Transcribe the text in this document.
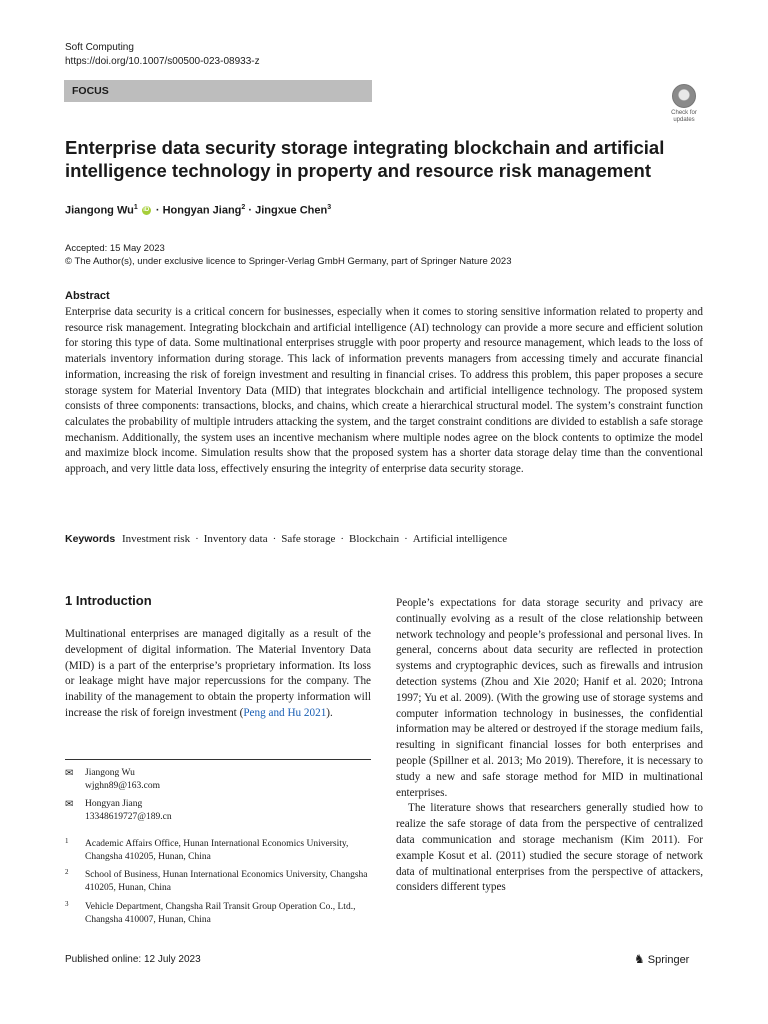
Soft Computing
https://doi.org/10.1007/s00500-023-08933-z
FOCUS
Check for
updates
Enterprise data security storage integrating blockchain and artificial intelligence technology in property and resource risk management
Jiangong Wu$^1$ iD · Hongyan Jiang$^2$ · Jingxue Chen$^3$
Accepted: 15 May 2023
© The Author(s), under exclusive licence to Springer-Verlag GmbH Germany, part of Springer Nature 2023
Abstract
Enterprise data security is a critical concern for businesses, especially when it comes to storing sensitive information related to property and resource risk management. Integrating blockchain and artificial intelligence (AI) technology can provide a more secure and efficient solution for storing this type of data. Some multinational enterprises struggle with poor property and resource management, which leads to the loss of materials inventory information during storage. This lack of information prevents managers from accessing timely and accurate financial information, increasing the risk of foreign investment and resulting in financial crises. To address this problem, this paper proposes a secure storage system for Material Inventory Data (MID) that integrates blockchain and artificial intelligence technology. The proposed system consists of three components: transactions, blocks, and chains, which create a hierarchical structural model. The system’s constraint function calculates the probability of multiple intruders attacking the system, and the target constraint conditions are divided to establish a safe storage mechanism. Additionally, the system uses an incentive mechanism where multiple nodes agree on the block contents to optimize the model and maximize block income. Simulation results show that the proposed system has a shorter data storage delay time than the conventional approach, and very little data loss, effectively ensuring the integrity of enterprise data security storage.
Keywords Investment risk · Inventory data · Safe storage · Blockchain · Artificial intelligence
1 Introduction
Multinational enterprises are managed digitally as a result of the development of digital information. The Material Inventory Data (MID) is a part of the enterprise’s proprietary information. Its loss or leakage might have major repercussions for the company. The inability of the management to obtain the property information will increase the risk of foreign investment (Peng and Hu 2021).

People’s expectations for data storage security and privacy are continually evolving as a result of the close relationship between network technology and people’s professional and personal lives. In general, concerns about data security are reflected in protection systems and cryptographic devices, such as firewalls and intrusion detection systems (Zhou and Xie 2020; Hanif et al. 2020; Introna 1997; Yu et al. 2009). (With the growing use of storage systems and computer information technology in businesses, the confidential information may be altered or destroyed if the storage medium fails, resulting in significant financial losses for both enterprises and people (Spillner et al. 2013; Mo 2019). Therefore, it is necessary to study a new and safe storage method for MID in multinational enterprises.

The literature shows that researchers generally studied how to realize the safe storage of data from the perspective of centralized data communication and storage mechanism (Kim 2011). For example Kosut et al. (2011) studied the secure storage of network data of multinational enterprises from the perspective of attackers, considers different types

✉ Jiangong Wu
wjghn89@163.com
✉ Hongyan Jiang
13348619727@189.cn
1 Academic Affairs Office, Hunan International Economics University, Changsha 410205, Hunan, China
2 School of Business, Hunan International Economics University, Changsha 410205, Hunan, China
3 Vehicle Department, Changsha Rail Transit Group Operation Co., Ltd., Changsha 410007, Hunan, China
Published online: 12 July 2023	♞ Springer
